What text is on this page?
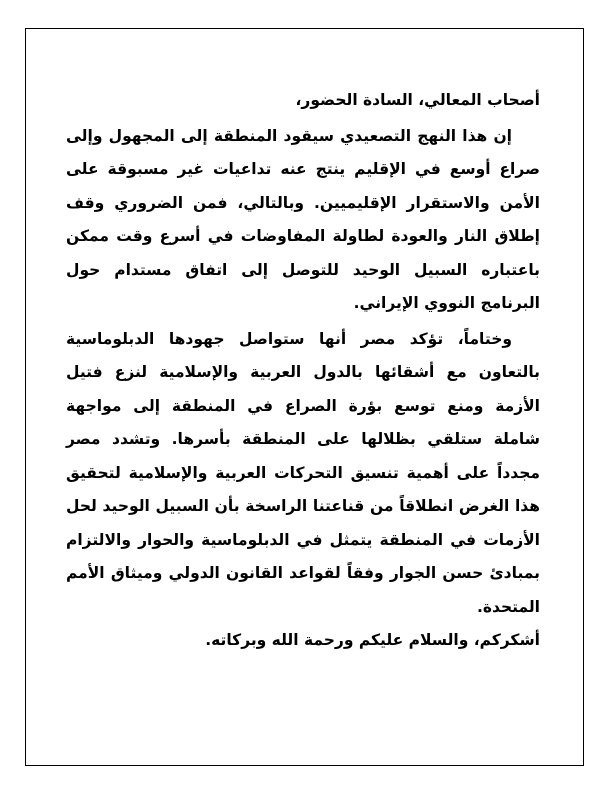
أصحاب المعالي، السادة الحضور،

إن هذا النهج التصعيدي سيقود المنطقة إلى المجهول وإلى صراع أوسع في الإقليم ينتج عنه تداعيات غير مسبوقة على الأمن والاستقرار الإقليميين. وبالتالي، فمن الضروري وقف إطلاق النار والعودة لطاولة المفاوضات في أسرع وقت ممكن باعتباره السبيل الوحيد للتوصل إلى اتفاق مستدام حول البرنامج النووي الإيراني.

وختاماً، تؤكد مصر أنها ستواصل جهودها الدبلوماسية بالتعاون مع أشقائها بالدول العربية والإسلامية لنزع فتيل الأزمة ومنع توسع بؤرة الصراع في المنطقة إلى مواجهة شاملة ستلقي بظلالها على المنطقة بأسرها. وتشدد مصر مجدداً على أهمية تنسيق التحركات العربية والإسلامية لتحقيق هذا الغرض انطلاقاً من قناعتنا الراسخة بأن السبيل الوحيد لحل الأزمات في المنطقة يتمثل في الدبلوماسية والحوار والالتزام بمبادئ حسن الجوار وفقاً لقواعد القانون الدولي وميثاق الأمم المتحدة.

أشكركم، والسلام عليكم ورحمة الله وبركاته.
